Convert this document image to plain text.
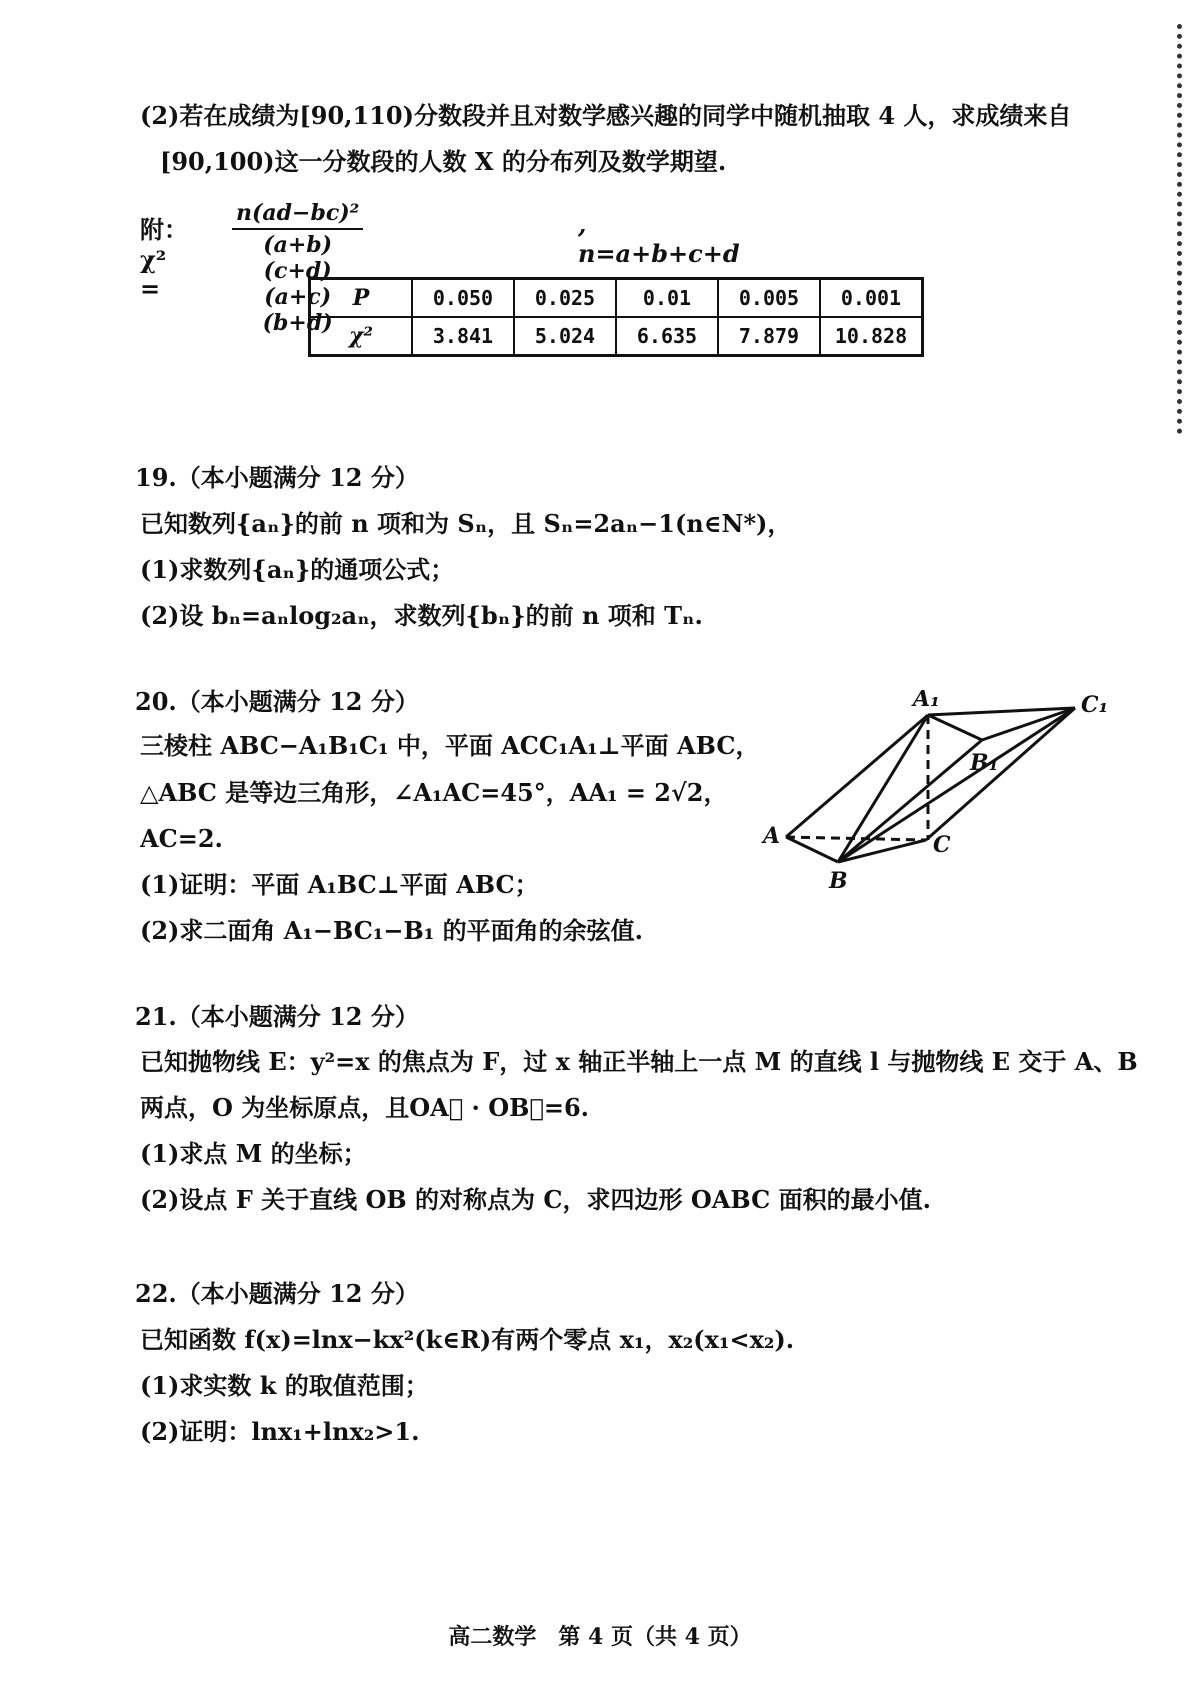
(2)若在成绩为[90,110)分数段并且对数学感兴趣的同学中随机抽取 4 人，求成绩来自
[90,100)这一分数段的人数 X 的分布列及数学期望.
附：χ² =	$\frac{\text{n(ad−bc)²}}{(a+b)(c+d)(a+c)(b+d)}$	, n=a+b+c+d
P	0.050	0.025	0.01	0.005	0.001
χ²	3.841	5.024	6.635	7.879	10.828
19.（本小题满分 12 分）
已知数列{aₙ}的前 n 项和为 Sₙ，且 Sₙ=2aₙ−1(n∈N*)，
(1)求数列{aₙ}的通项公式；
(2)设 bₙ=aₙlog₂aₙ，求数列{bₙ}的前 n 项和 Tₙ.
20.（本小题满分 12 分）
三棱柱 ABC−A₁B₁C₁ 中，平面 ACC₁A₁⊥平面 ABC，
△ABC 是等边三角形，∠A₁AC=45°，AA₁ = 2√2，
AC=2.
(1)证明：平面 A₁BC⊥平面 ABC；
(2)求二面角 A₁−BC₁−B₁ 的平面角的余弦值.
A₁
B₁
C₁
A
B
C
21.（本小题满分 12 分）
已知抛物线 E：y²=x 的焦点为 F，过 x 轴正半轴上一点 M 的直线 l 与抛物线 E 交于 A、B
两点，O 为坐标原点，且OA⃗ · OB⃗=6.
(1)求点 M 的坐标；
(2)设点 F 关于直线 OB 的对称点为 C，求四边形 OABC 面积的最小值.
22.（本小题满分 12 分）
已知函数 f(x)=lnx−kx²(k∈R)有两个零点 x₁，x₂(x₁<x₂).
(1)求实数 k 的取值范围；
(2)证明：lnx₁+lnx₂>1.
高二数学　第 4 页（共 4 页）
